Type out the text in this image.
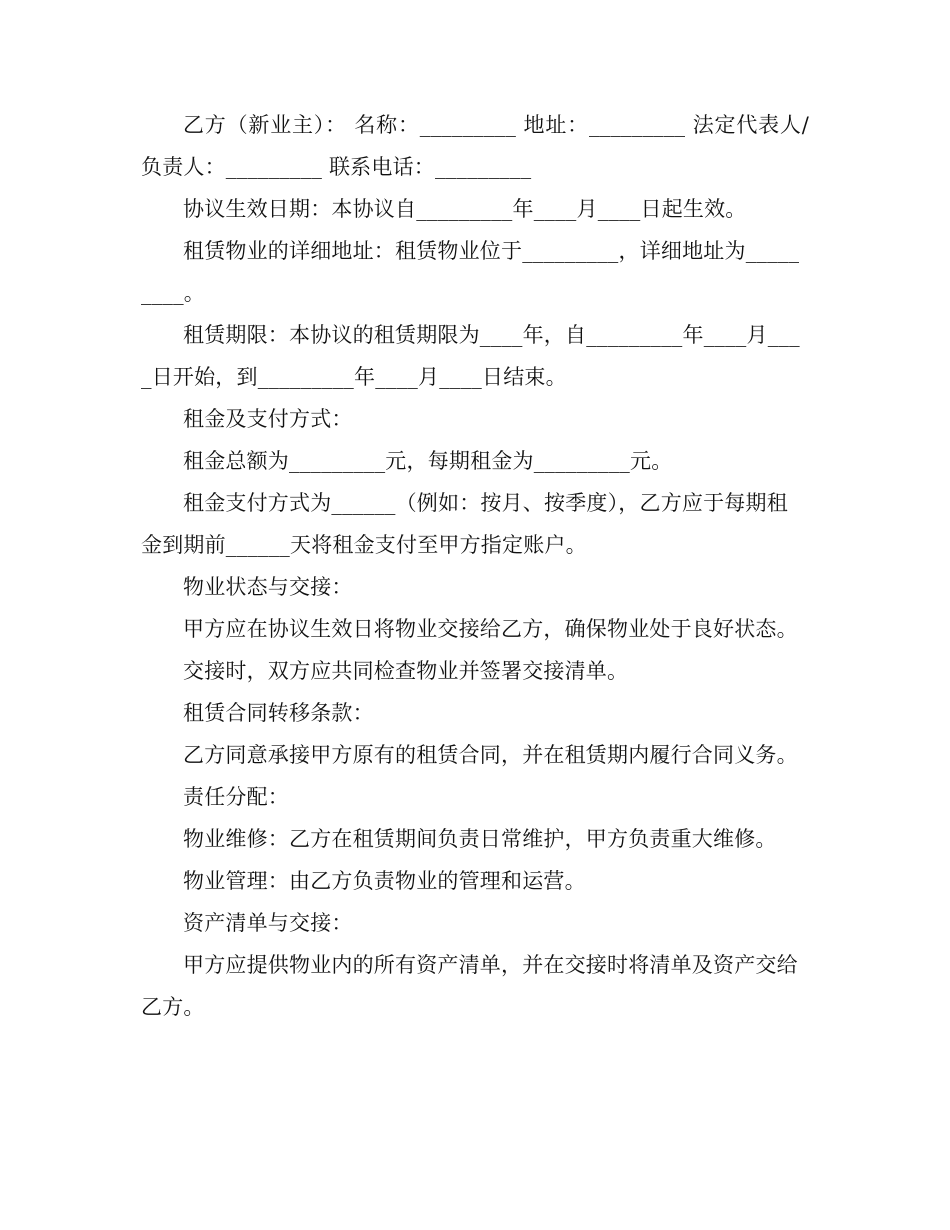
乙方（新业主）： 名称：_________ 地址：_________ 法定代表人/负责人：_________ 联系电话：_________

协议生效日期：本协议自_________年____月____日起生效。

租赁物业的详细地址：租赁物业位于_________，详细地址为_________。

租赁期限：本协议的租赁期限为____年，自_________年____月____日开始，到_________年____月____日结束。

租金及支付方式：

租金总额为_________元，每期租金为_________元。

租金支付方式为______（例如：按月、按季度），乙方应于每期租金到期前______天将租金支付至甲方指定账户。

物业状态与交接：

甲方应在协议生效日将物业交接给乙方，确保物业处于良好状态。

交接时，双方应共同检查物业并签署交接清单。

租赁合同转移条款：

乙方同意承接甲方原有的租赁合同，并在租赁期内履行合同义务。

责任分配：

物业维修：乙方在租赁期间负责日常维护，甲方负责重大维修。

物业管理：由乙方负责物业的管理和运营。

资产清单与交接：

甲方应提供物业内的所有资产清单，并在交接时将清单及资产交给乙方。
